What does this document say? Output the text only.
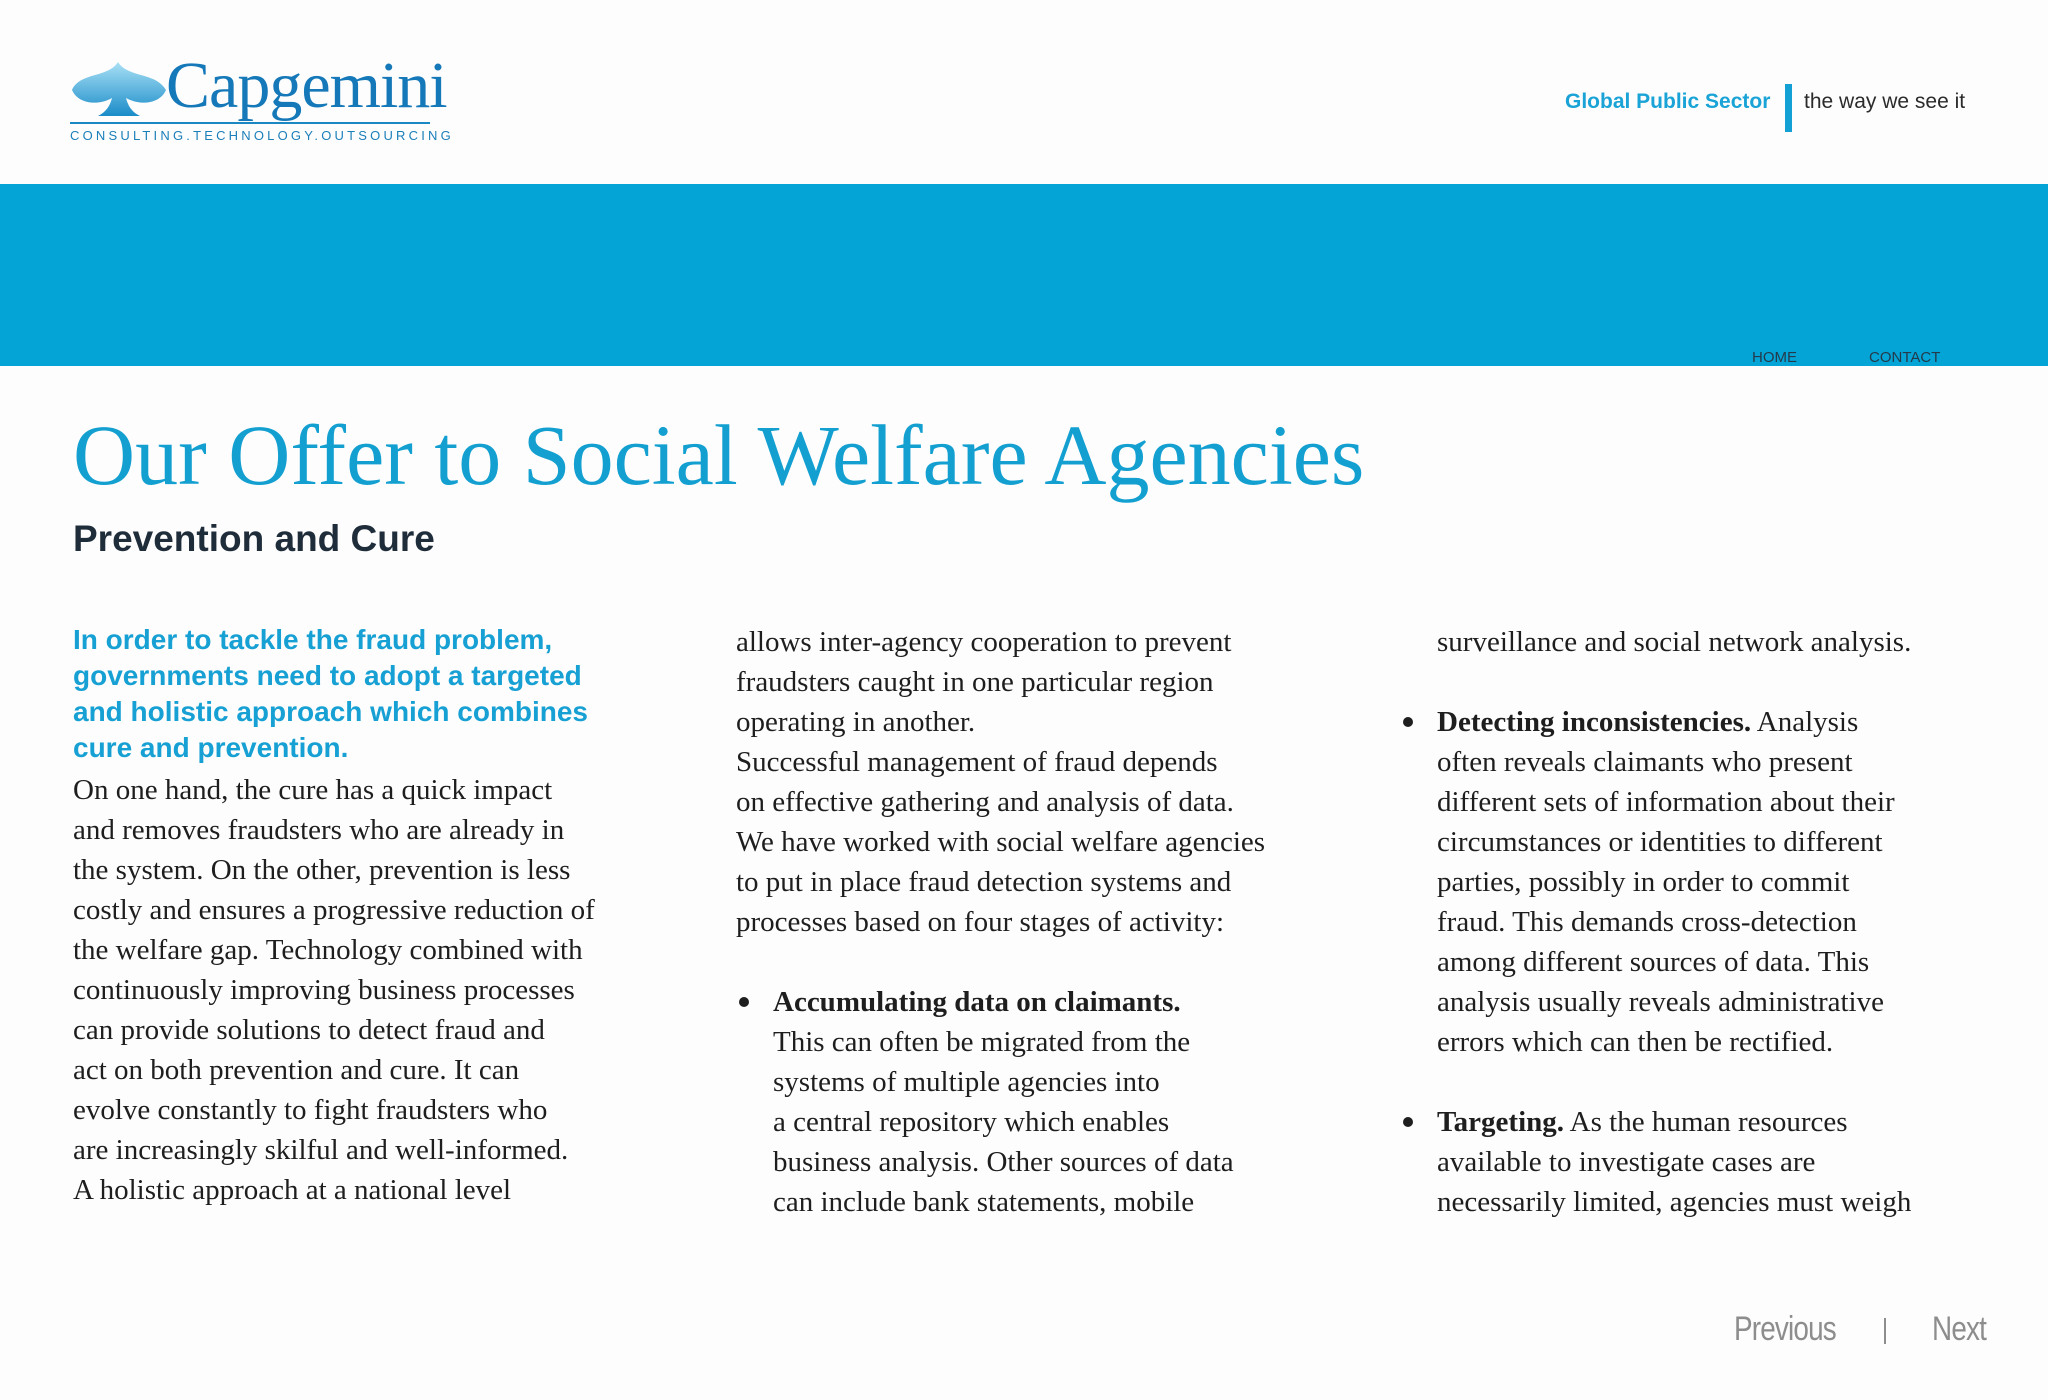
Capgemini
CONSULTING.TECHNOLOGY.OUTSOURCING
Global Public Sector the way we see it
HOME	CONTACT
Our Offer to Social Welfare Agencies
Prevention and Cure

In order to tackle the fraud problem,
governments need to adopt a targeted
and holistic approach which combines
cure and prevention.

On one hand, the cure has a quick impact
and removes fraudsters who are already in
the system. On the other, prevention is less
costly and ensures a progressive reduction of
the welfare gap. Technology combined with
continuously improving business processes
can provide solutions to detect fraud and
act on both prevention and cure. It can
evolve constantly to fight fraudsters who
are increasingly skilful and well-informed.
A holistic approach at a national level
allows inter-agency cooperation to prevent
fraudsters caught in one particular region
operating in another.
Successful management of fraud depends
on effective gathering and analysis of data.
We have worked with social welfare agencies
to put in place fraud detection systems and
processes based on four stages of activity:
Accumulating data on claimants.
This can often be migrated from the
systems of multiple agencies into
a central repository which enables
business analysis. Other sources of data
can include bank statements, mobile
surveillance and social network analysis.
Detecting inconsistencies. Analysis
often reveals claimants who present
different sets of information about their
circumstances or identities to different
parties, possibly in order to commit
fraud. This demands cross-detection
among different sources of data. This
analysis usually reveals administrative
errors which can then be rectified.
Targeting. As the human resources
available to investigate cases are
necessarily limited, agencies must weigh
Previous	Next
